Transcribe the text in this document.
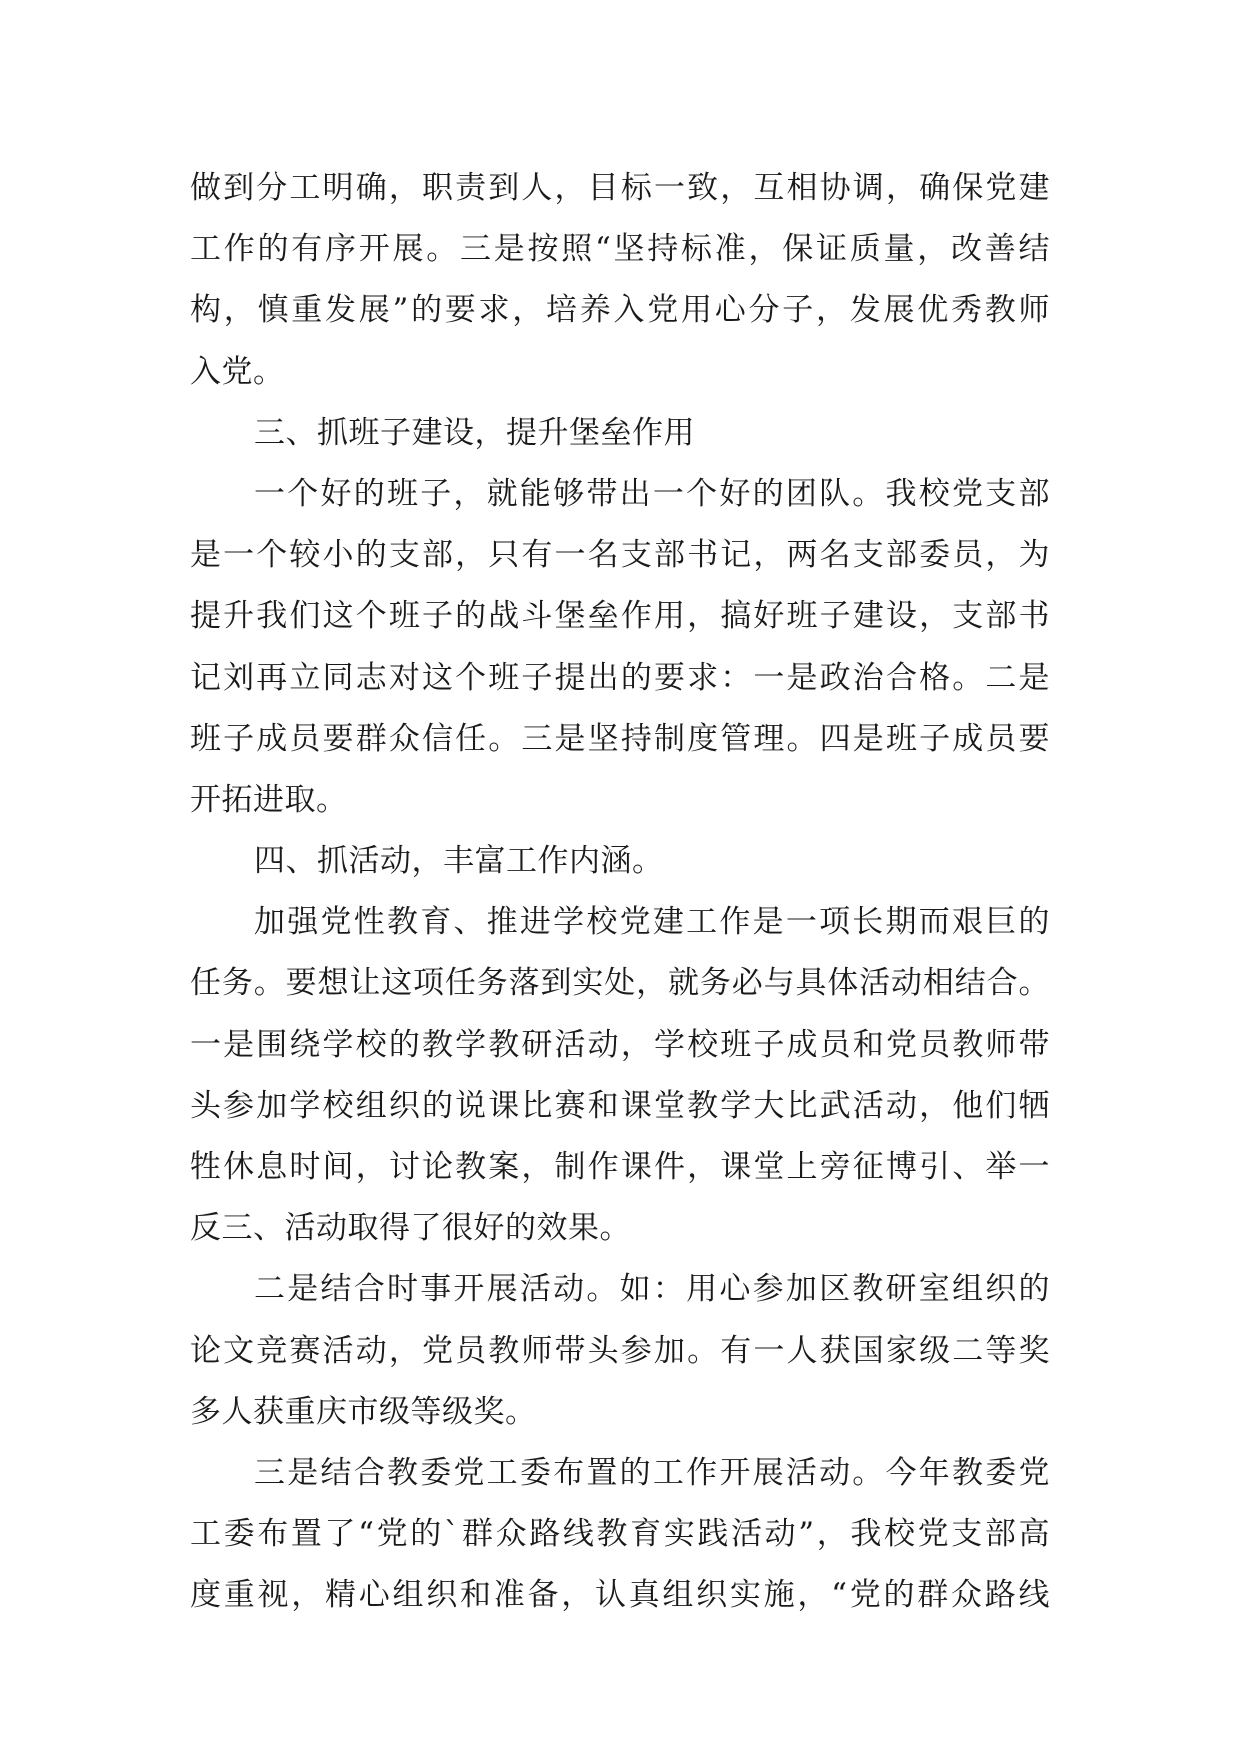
做到分工明确，职责到人，目标一致，互相协调，确保党建
工作的有序开展。三是按照“坚持标准，保证质量，改善结
构，慎重发展”的要求，培养入党用心分子，发展优秀教师
入党。
三、抓班子建设，提升堡垒作用
一个好的班子，就能够带出一个好的团队。我校党支部
是一个较小的支部，只有一名支部书记，两名支部委员，为
提升我们这个班子的战斗堡垒作用，搞好班子建设，支部书
记刘再立同志对这个班子提出的要求：一是政治合格。二是
班子成员要群众信任。三是坚持制度管理。四是班子成员要
开拓进取。
四、抓活动，丰富工作内涵。
加强党性教育、推进学校党建工作是一项长期而艰巨的
任务。要想让这项任务落到实处，就务必与具体活动相结合。
一是围绕学校的教学教研活动，学校班子成员和党员教师带
头参加学校组织的说课比赛和课堂教学大比武活动，他们牺
牲休息时间，讨论教案，制作课件，课堂上旁征博引、举一
反三、活动取得了很好的效果。
二是结合时事开展活动。如：用心参加区教研室组织的
论文竞赛活动，党员教师带头参加。有一人获国家级二等奖
多人获重庆市级等级奖。
三是结合教委党工委布置的工作开展活动。今年教委党
工委布置了“党的`群众路线教育实践活动”，我校党支部高
度重视，精心组织和准备，认真组织实施，“党的群众路线
